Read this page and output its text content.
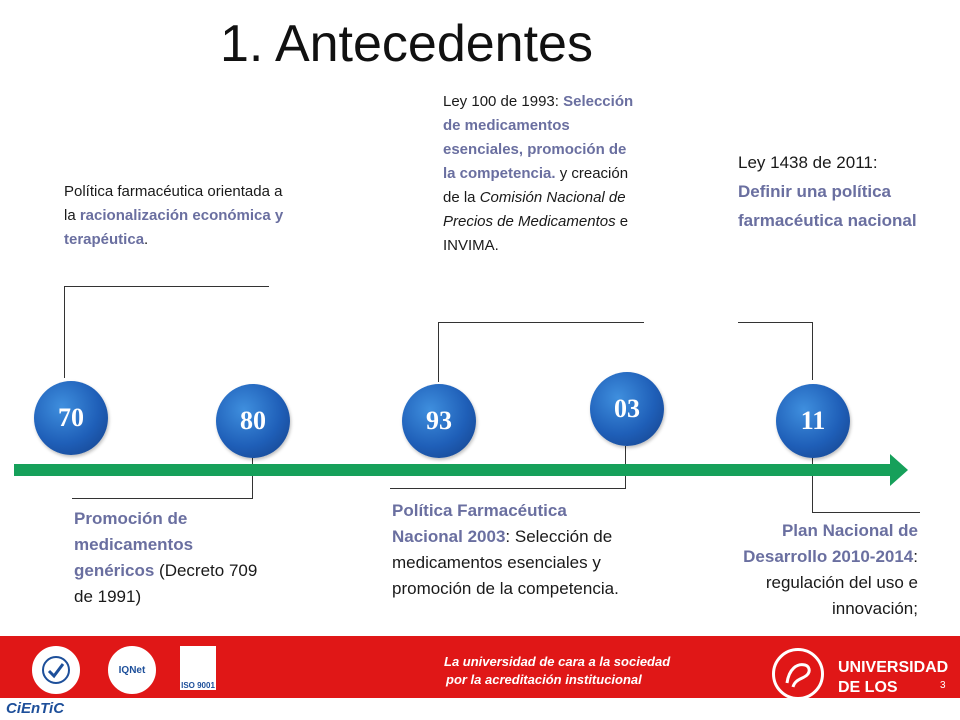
1. Antecedentes
70	80	93	03	11
Política farmacéutica orientada a la racionalización económica y terapéutica.
Promoción de medicamentos genéricos (Decreto 709 de 1991)
Ley 100 de 1993: Selección de medicamentos esenciales, promoción de la competencia. y creación de la Comisión Nacional de Precios de Medicamentos e INVIMA.
Política Farmacéutica Nacional 2003: Selección de medicamentos esenciales y promoción de la competencia.
Ley 1438 de 2011: Definir una política farmacéutica nacional
Plan Nacional de Desarrollo 2010-2014: regulación del uso e innovación;
IQNet
ISO 9001
La universidad de cara a la sociedad
por la acreditación institucional
UNIVERSIDAD
DE LOS LLANOS
CiEnTiC
3
